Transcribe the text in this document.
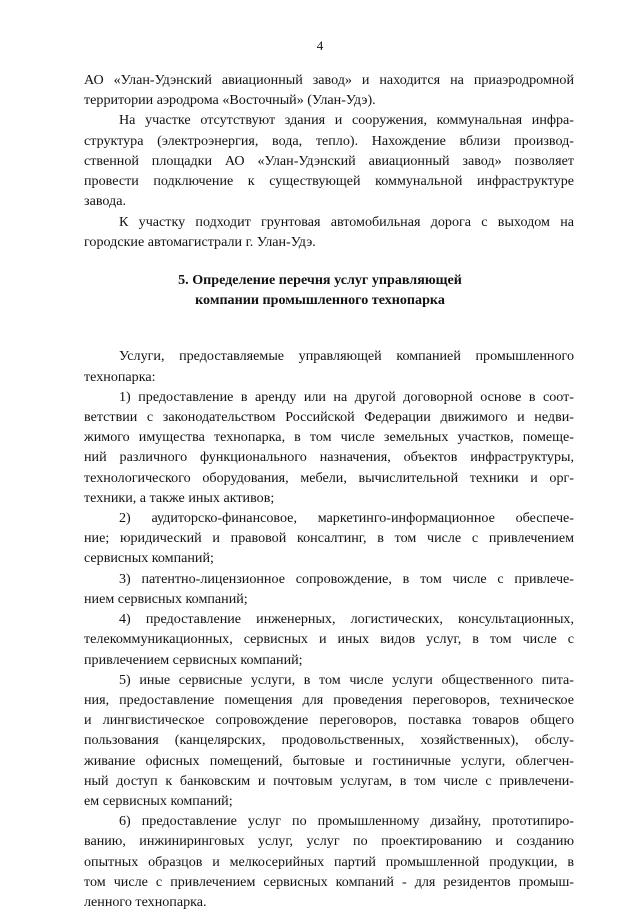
4
АО «Улан-Удэнский авиационный завод» и находится на приаэродромной
территории аэродрома «Восточный» (Улан-Удэ).
На участке отсутствуют здания и сооружения, коммунальная инфра-
структура (электроэнергия, вода, тепло). Нахождение вблизи производ-
ственной площадки АО «Улан-Удэнский авиационный завод» позволяет
провести подключение к существующей коммунальной инфраструктуре
завода.
К участку подходит грунтовая автомобильная дорога с выходом на
городские автомагистрали г. Улан-Удэ.
5. Определение перечня услуг управляющей
компании промышленного технопарка
Услуги, предоставляемые управляющей компанией промышленного
технопарка:
1) предоставление в аренду или на другой договорной основе в соот-
ветствии с законодательством Российской Федерации движимого и недви-
жимого имущества технопарка, в том числе земельных участков, помеще-
ний различного функционального назначения, объектов инфраструктуры,
технологического оборудования, мебели, вычислительной техники и орг-
техники, а также иных активов;
2) аудиторско-финансовое, маркетинго-информационное обеспече-
ние; юридический и правовой консалтинг, в том числе с привлечением
сервисных компаний;
3) патентно-лицензионное сопровождение, в том числе с привлече-
нием сервисных компаний;
4) предоставление инженерных, логистических, консультационных,
телекоммуникационных, сервисных и иных видов услуг, в том числе с
привлечением сервисных компаний;
5) иные сервисные услуги, в том числе услуги общественного пита-
ния, предоставление помещения для проведения переговоров, техническое
и лингвистическое сопровождение переговоров, поставка товаров общего
пользования (канцелярских, продовольственных, хозяйственных), обслу-
живание офисных помещений, бытовые и гостиничные услуги, облегчен-
ный доступ к банковским и почтовым услугам, в том числе с привлечени-
ем сервисных компаний;
6) предоставление услуг по промышленному дизайну, прототипиро-
ванию, инжиниринговых услуг, услуг по проектированию и созданию
опытных образцов и мелкосерийных партий промышленной продукции, в
том числе с привлечением сервисных компаний - для резидентов промыш-
ленного технопарка.
